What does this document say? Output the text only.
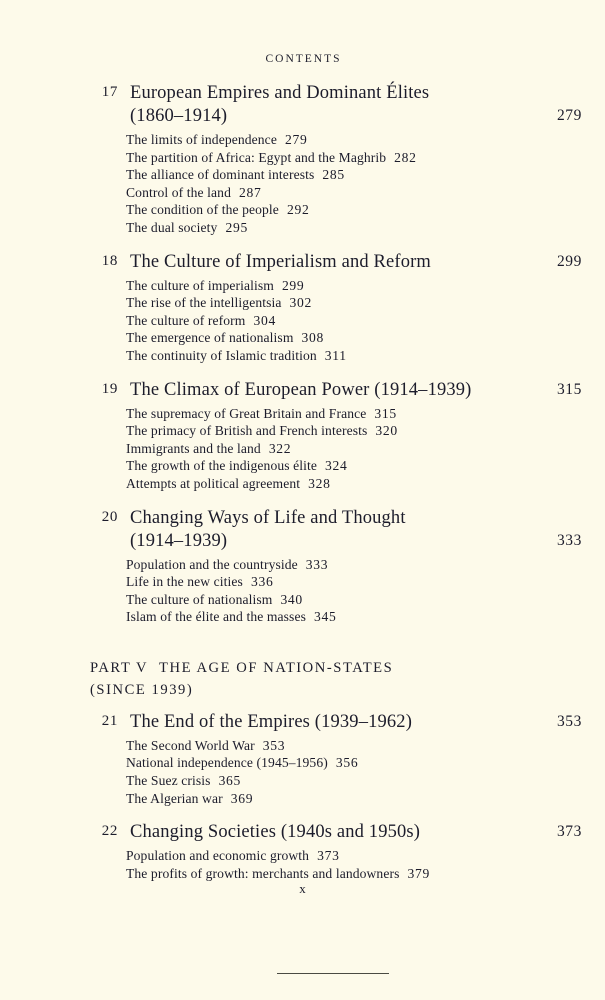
CONTENTS
17 European Empires and Dominant Élites
(1860–1914)	279
The limits of independence 279
The partition of Africa: Egypt and the Maghrib 282
The alliance of dominant interests 285
Control of the land 287
The condition of the people 292
The dual society 295
18 The Culture of Imperialism and Reform	299
The culture of imperialism 299
The rise of the intelligentsia 302
The culture of reform 304
The emergence of nationalism 308
The continuity of Islamic tradition 311
19 The Climax of European Power (1914–1939)	315
The supremacy of Great Britain and France 315
The primacy of British and French interests 320
Immigrants and the land 322
The growth of the indigenous élite 324
Attempts at political agreement 328
20 Changing Ways of Life and Thought
(1914–1939)	333
Population and the countryside 333
Life in the new cities 336
The culture of nationalism 340
Islam of the élite and the masses 345
PART V THE AGE OF NATION-STATES
(SINCE 1939)
21 The End of the Empires (1939–1962)	353
The Second World War 353
National independence (1945–1956) 356
The Suez crisis 365
The Algerian war 369
22 Changing Societies (1940s and 1950s)	373
Population and economic growth 373
The profits of growth: merchants and landowners 379
x
